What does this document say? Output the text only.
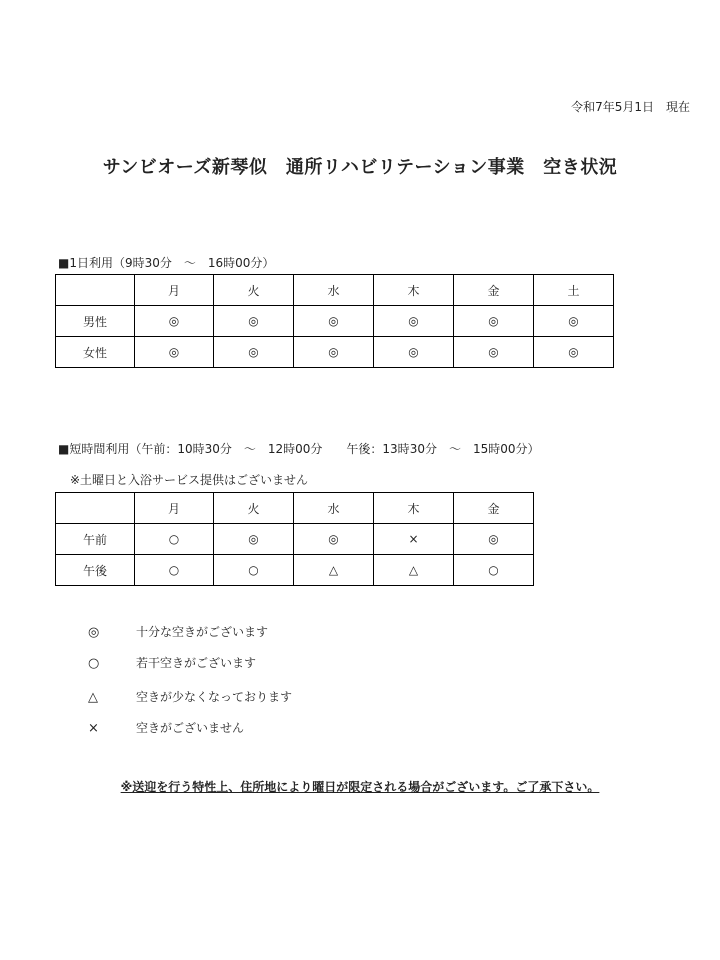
令和7年5月1日　現在
サンビオーズ新琴似　通所リハビリテーション事業　空き状況
■1日利用（9時30分　～　16時00分）
	月	火	水	木	金	土
男性	◎	◎	◎	◎	◎	◎
女性	◎	◎	◎	◎	◎	◎
■短時間利用（午前：10時30分　～　12時00分　　午後：13時30分　～　15時00分）
※土曜日と入浴サービス提供はございません
	月	火	水	木	金
午前	○	◎	◎	×	◎
午後	○	○	△	△	○
◎	十分な空きがございます
○	若干空きがございます
△	空きが少なくなっております
×	空きがございません
※送迎を行う特性上、住所地により曜日が限定される場合がございます。ご了承下さい。
